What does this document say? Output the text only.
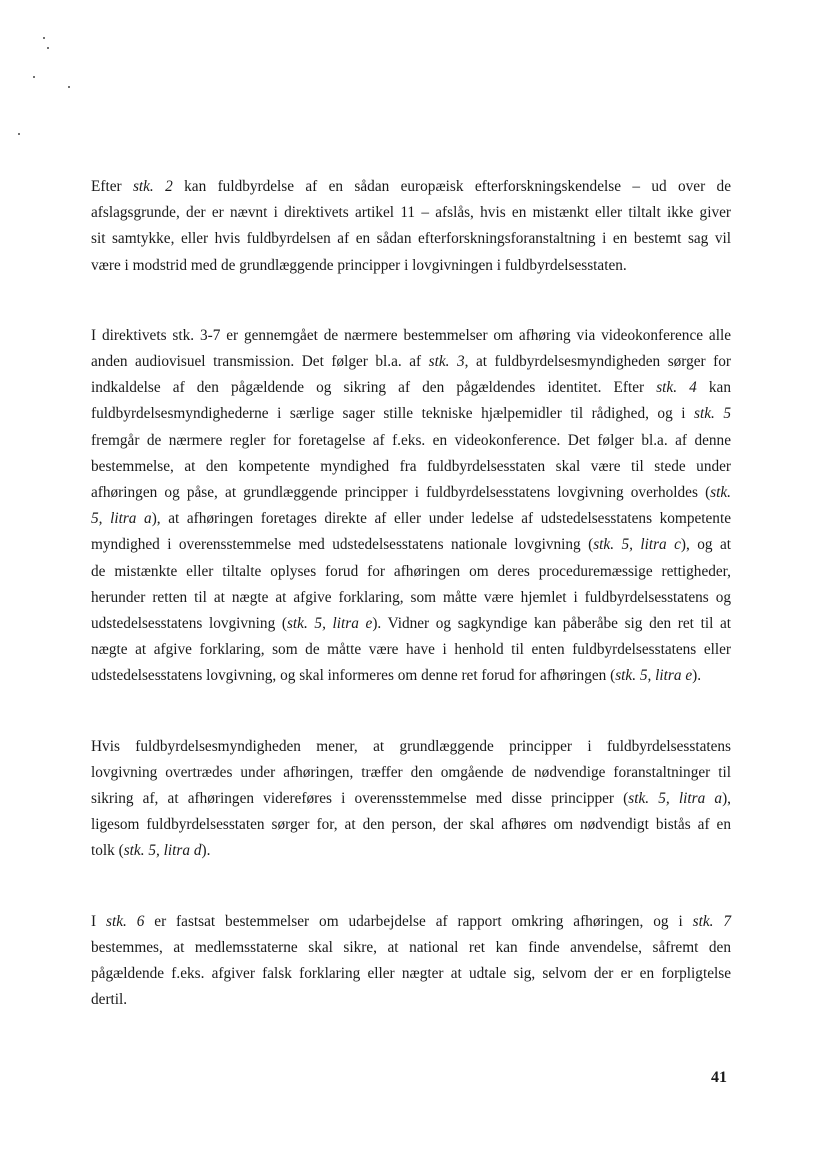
Efter stk. 2 kan fuldbyrdelse af en sådan europæisk efterforskningskendelse – ud over de
afslagsgrunde, der er nævnt i direktivets artikel 11 – afslås, hvis en mistænkt eller tiltalt ikke giver
sit samtykke, eller hvis fuldbyrdelsen af en sådan efterforskningsforanstaltning i en bestemt sag vil
være i modstrid med de grundlæggende principper i lovgivningen i fuldbyrdelsesstaten.

I direktivets stk. 3-7 er gennemgået de nærmere bestemmelser om afhøring via videokonference alle
anden audiovisuel transmission. Det følger bl.a. af stk. 3, at fuldbyrdelsesmyndigheden sørger for
indkaldelse af den pågældende og sikring af den pågældendes identitet. Efter stk. 4 kan
fuldbyrdelsesmyndighederne i særlige sager stille tekniske hjælpemidler til rådighed, og i stk. 5
fremgår de nærmere regler for foretagelse af f.eks. en videokonference. Det følger bl.a. af denne
bestemmelse, at den kompetente myndighed fra fuldbyrdelsesstaten skal være til stede under
afhøringen og påse, at grundlæggende principper i fuldbyrdelsesstatens lovgivning overholdes (stk.
5, litra a), at afhøringen foretages direkte af eller under ledelse af udstedelsesstatens kompetente
myndighed i overensstemmelse med udstedelsesstatens nationale lovgivning (stk. 5, litra c), og at
de mistænkte eller tiltalte oplyses forud for afhøringen om deres proceduremæssige rettigheder,
herunder retten til at nægte at afgive forklaring, som måtte være hjemlet i fuldbyrdelsesstatens og
udstedelsesstatens lovgivning (stk. 5, litra e). Vidner og sagkyndige kan påberåbe sig den ret til at
nægte at afgive forklaring, som de måtte være have i henhold til enten fuldbyrdelsesstatens eller
udstedelsesstatens lovgivning, og skal informeres om denne ret forud for afhøringen (stk. 5, litra e).

Hvis fuldbyrdelsesmyndigheden mener, at grundlæggende principper i fuldbyrdelsesstatens
lovgivning overtrædes under afhøringen, træffer den omgående de nødvendige foranstaltninger til
sikring af, at afhøringen videreføres i overensstemmelse med disse principper (stk. 5, litra a),
ligesom fuldbyrdelsesstaten sørger for, at den person, der skal afhøres om nødvendigt bistås af en
tolk (stk. 5, litra d).

I stk. 6 er fastsat bestemmelser om udarbejdelse af rapport omkring afhøringen, og i stk. 7
bestemmes, at medlemsstaterne skal sikre, at national ret kan finde anvendelse, såfremt den
pågældende f.eks. afgiver falsk forklaring eller nægter at udtale sig, selvom der er en forpligtelse
dertil.

41
